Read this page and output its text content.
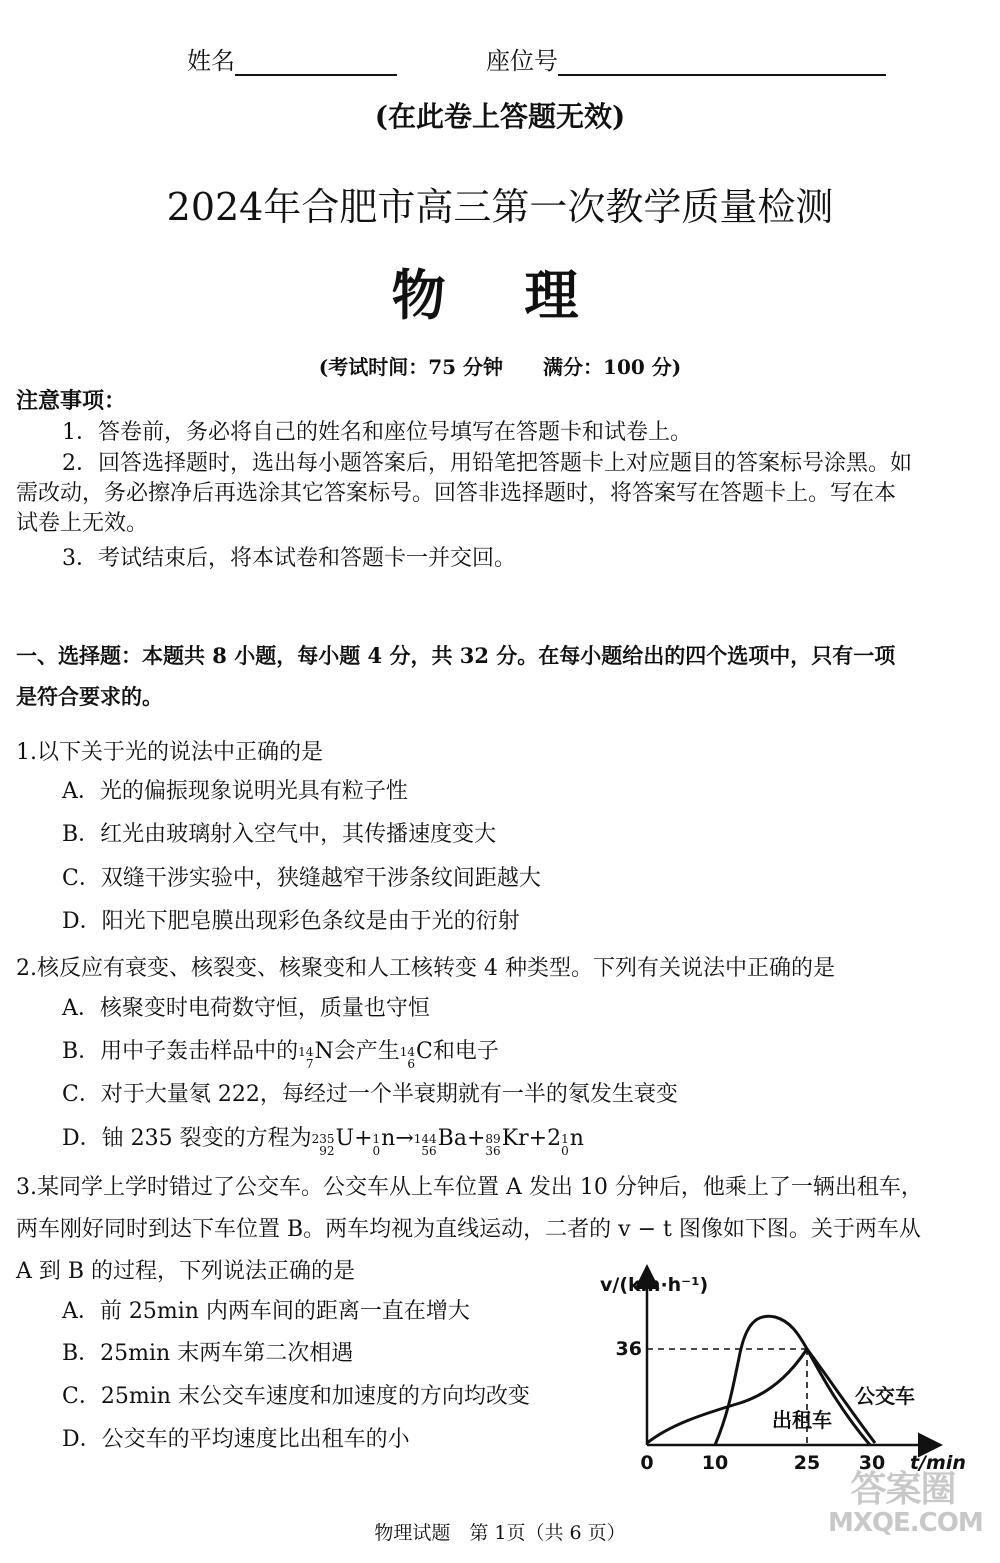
姓名	座位号
(在此卷上答题无效)
2024年合肥市高三第一次教学质量检测
物 理
(考试时间：75 分钟　　满分：100 分)
注意事项：
1．答卷前，务必将自己的姓名和座位号填写在答题卡和试卷上。
2．回答选择题时，选出每小题答案后，用铅笔把答题卡上对应题目的答案标号涂黑。如
需改动，务必擦净后再选涂其它答案标号。回答非选择题时，将答案写在答题卡上。写在本
试卷上无效。
3．考试结束后，将本试卷和答题卡一并交回。
一、选择题：本题共 8 小题，每小题 4 分，共 32 分。在每小题给出的四个选项中，只有一项
是符合要求的。
1.以下关于光的说法中正确的是
A．光的偏振现象说明光具有粒子性
B．红光由玻璃射入空气中，其传播速度变大
C．双缝干涉实验中，狭缝越窄干涉条纹间距越大
D．阳光下肥皂膜出现彩色条纹是由于光的衍射
2.核反应有衰变、核裂变、核聚变和人工核转变 4 种类型。下列有关说法中正确的是
A．核聚变时电荷数守恒，质量也守恒
B．用中子轰击样品中的 14
7 N 会产生 14
6 C 和电子
C．对于大量氡 222，每经过一个半衰期就有一半的氡发生衰变
D．铀 235 裂变的方程为 235
92 U + 1
0 n → 144
56 Ba + 89
36 Kr +2 1
0 n
3.某同学上学时错过了公交车。公交车从上车位置 A 发出 10 分钟后，他乘上了一辆出租车，
两车刚好同时到达下车位置 B。两车均视为直线运动，二者的 v − t 图像如下图。关于两车从
A 到 B 的过程，下列说法正确的是
A．前 25min 内两车间的距离一直在增大
B．25min 末两车第二次相遇
C．25min 末公交车速度和加速度的方向均改变
D．公交车的平均速度比出租车的小
v/(km·h⁻¹)
36
0	10	25 30 t/min
公交车
出租车
物理试题　第 1页（共 6 页）
答案圈
MXQE.COM
